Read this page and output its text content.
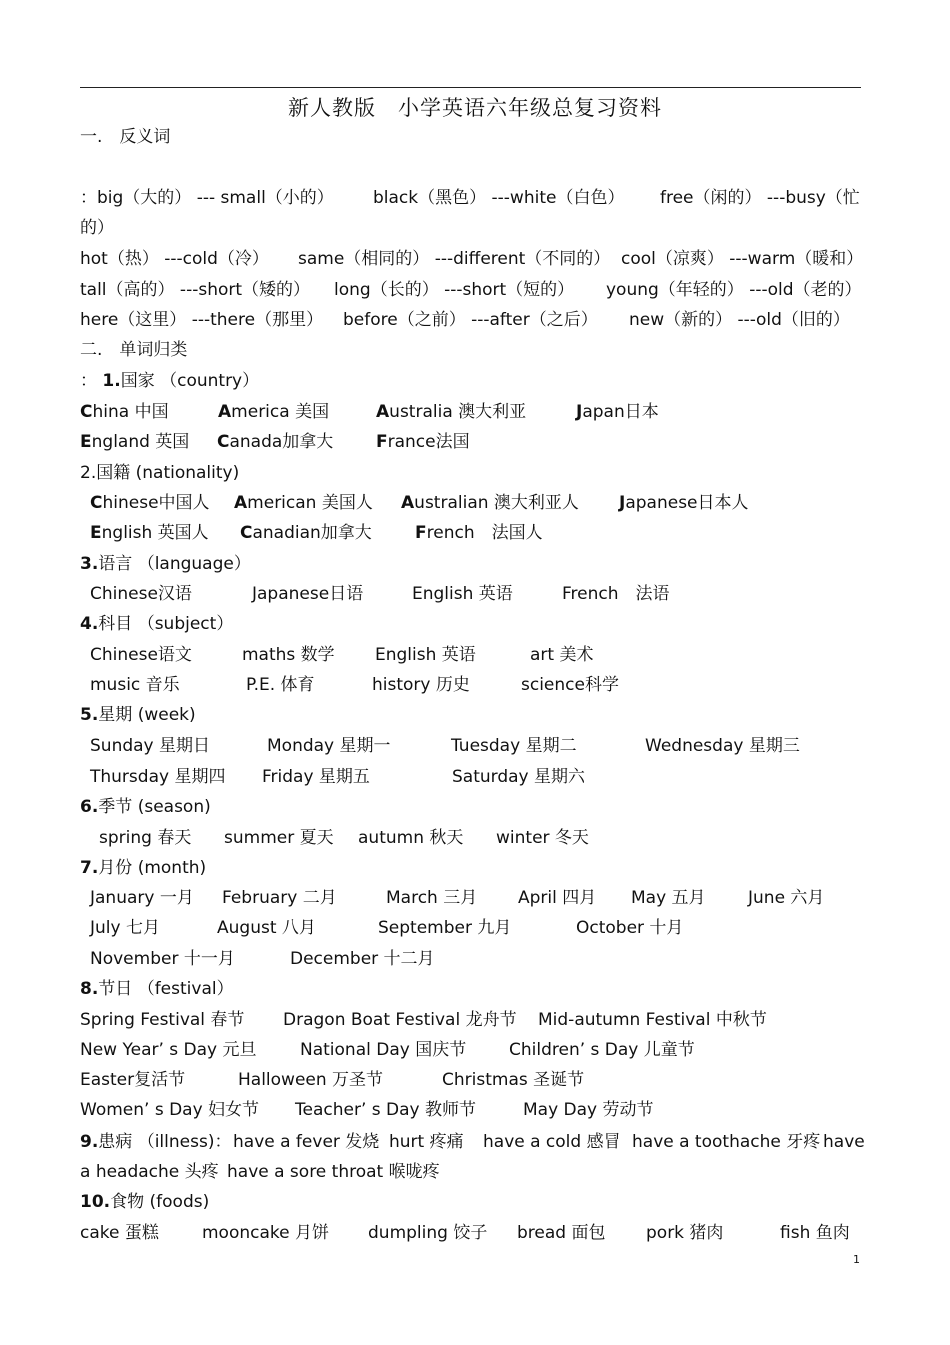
新人教版　小学英语六年级总复习资料
一.　反义词
：big（大的） --- small（小的） black（黑色） ---white（白色） free（闲的） ---busy（忙
的）
hot（热） ---cold（冷） same（相同的） ---different（不同的） cool（凉爽） ---warm（暖和）
tall（高的） ---short（矮的） long（长的） ---short（短的） young（年轻的） ---old（老的）
here（这里） ---there（那里） before（之前） ---after（之后） new（新的） ---old（旧的）
二.　单词归类
： 1.国家 （country）
China 中国	America 美国	Australia 澳大利亚	Japan日本
England 英国 Canada加拿大	France法国
2.国籍 (nationality)
Chinese中国人 American 美国人 Australian 澳大利亚人 Japanese日本人
English 英国人 Canadian加拿大	French　法国人
3.语言 （language）
Chinese汉语	Japanese日语	English 英语	French　法语
4.科目 （subject）
Chinese语文	maths 数学 English 英语	art 美术
music 音乐	P.E. 体育	history 历史	science科学
5.星期 (week)
Sunday 星期日	Monday 星期一	Tuesday 星期二	Wednesday 星期三
Thursday 星期四 Friday 星期五	Saturday 星期六
6.季节 (season)
spring 春天 summer 夏天 autumn 秋天 winter 冬天
7.月份 (month)
January 一月 February 二月	March 三月 April 四月 May 五月 June 六月
July 七月	August 八月	September 九月	October 十月
November 十一月	December 十二月
8.节日 （festival）
Spring Festival 春节 Dragon Boat Festival 龙舟节 Mid-autumn Festival 中秋节
New Year’ s Day 元旦	National Day 国庆节	Children’ s Day 儿童节
Easter复活节	Halloween 万圣节	Christmas 圣诞节
Women’ s Day 妇女节 Teacher’ s Day 教师节	May Day 劳动节
9.患病 （illness)： have a fever 发烧 hurt 疼痛 have a cold 感冒 have a toothache 牙疼 have
a headache 头疼 have a sore throat 喉咙疼
10.食物 (foods)
cake 蛋糕	mooncake 月饼 dumpling 饺子 bread 面包 pork 猪肉	fish 鱼肉
1
